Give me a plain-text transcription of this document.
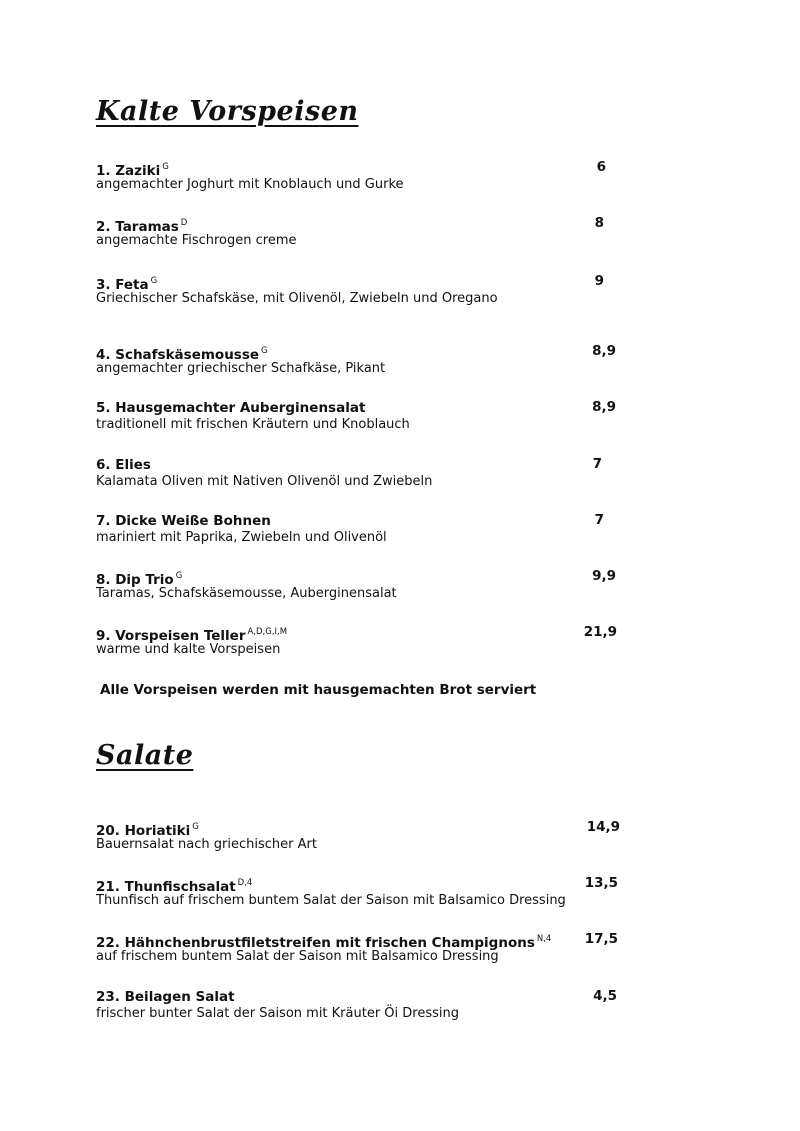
Kalte Vorspeisen
1. Zaziki $^G$	6
angemachter Joghurt mit Knoblauch und Gurke
2. Taramas $^D$	8
angemachte Fischrogen creme
3. Feta $^G$	9
Griechischer Schafskäse, mit Olivenöl, Zwiebeln und Oregano
4. Schafskäsemousse $^G$	8,9
angemachter griechischer Schafkäse, Pikant
5. Hausgemachter Auberginensalat	8,9
traditionell mit frischen Kräutern und Knoblauch
6. Elies	7
Kalamata Oliven mit Nativen Olivenöl und Zwiebeln
7. Dicke Weiße Bohnen	7
mariniert mit Paprika, Zwiebeln und Olivenöl
8. Dip Trio $^G$	9,9
Taramas, Schafskäsemousse, Auberginensalat
9. Vorspeisen Teller $^{A,D,G,I,M}$	21,9
warme und kalte Vorspeisen
Alle Vorspeisen werden mit hausgemachten Brot serviert
Salate
20. Horiatiki $^G$	14,9
Bauernsalat nach griechischer Art
21. Thunfischsalat $^{D,4}$	13,5
Thunfisch auf frischem buntem Salat der Saison mit Balsamico Dressing
22. Hähnchenbrustfiletstreifen mit frischen Champignons $^{N,4}$ 17,5
auf frischem buntem Salat der Saison mit Balsamico Dressing
23. Beilagen Salat	4,5
frischer bunter Salat der Saison mit Kräuter Öi Dressing
